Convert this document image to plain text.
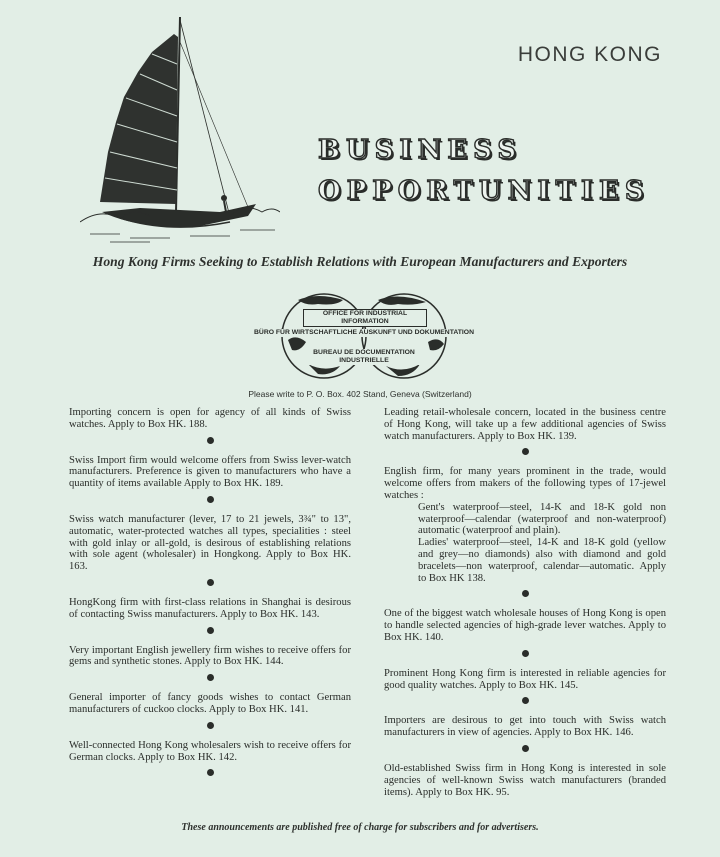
HONG KONG
BUSINESS
OPPORTUNITIES
Hong Kong Firms Seeking to Establish Relations with European Manufacturers and Exporters
OFFICE FOR INDUSTRIAL INFORMATION
BÜRO FÜR WIRTSCHAFTLICHE AUSKUNFT UND DOKUMENTATION
BUREAU DE DOCUMENTATION INDUSTRIELLE
Please write to P. O. Box. 402 Stand, Geneva (Switzerland)

Importing concern is open for agency of all kinds of Swiss watches. Apply to Box HK. 188.

Swiss Import firm would welcome offers from Swiss lever-watch manufacturers. Preference is given to manufacturers who have a quantity of items available Apply to Box HK. 189.

Swiss watch manufacturer (lever, 17 to 21 jewels, 3¾" to 13", automatic, water-protected watches all types, specialities : steel with gold inlay or all-gold, is desirous of establishing relations with sole agent (wholesaler) in Hongkong. Apply to Box HK. 163.

HongKong firm with first-class relations in Shanghai is desirous of contacting Swiss manufacturers. Apply to Box HK. 143.

Very important English jewellery firm wishes to receive offers for gems and synthetic stones. Apply to Box HK. 144.

General importer of fancy goods wishes to contact German manufacturers of cuckoo clocks. Apply to Box HK. 141.

Well-connected Hong Kong wholesalers wish to receive offers for German clocks. Apply to Box HK. 142.

Leading retail-wholesale concern, located in the business centre of Hong Kong, will take up a few additional agencies of Swiss watch manufacturers. Apply to Box HK. 139.

English firm, for many years prominent in the trade, would welcome offers from makers of the following types of 17-jewel watches :

Gent's waterproof—steel, 14-K and 18-K gold non waterproof—calendar (waterproof and non-waterproof) automatic (waterproof and plain).

Ladies' waterproof—steel, 14-K and 18-K gold (yellow and grey—no diamonds) also with diamond and gold bracelets—non waterproof, calendar—automatic. Apply to Box HK 138.

One of the biggest watch wholesale houses of Hong Kong is open to handle selected agencies of high-grade lever watches. Apply to Box HK. 140.

Prominent Hong Kong firm is interested in reliable agencies for good quality watches. Apply to Box HK. 145.

Importers are desirous to get into touch with Swiss watch manufacturers in view of agencies. Apply to Box HK. 146.

Old-established Swiss firm in Hong Kong is interested in sole agencies of well-known Swiss watch manufacturers (branded items). Apply to Box HK. 95.

These announcements are published free of charge for subscribers and for advertisers.
